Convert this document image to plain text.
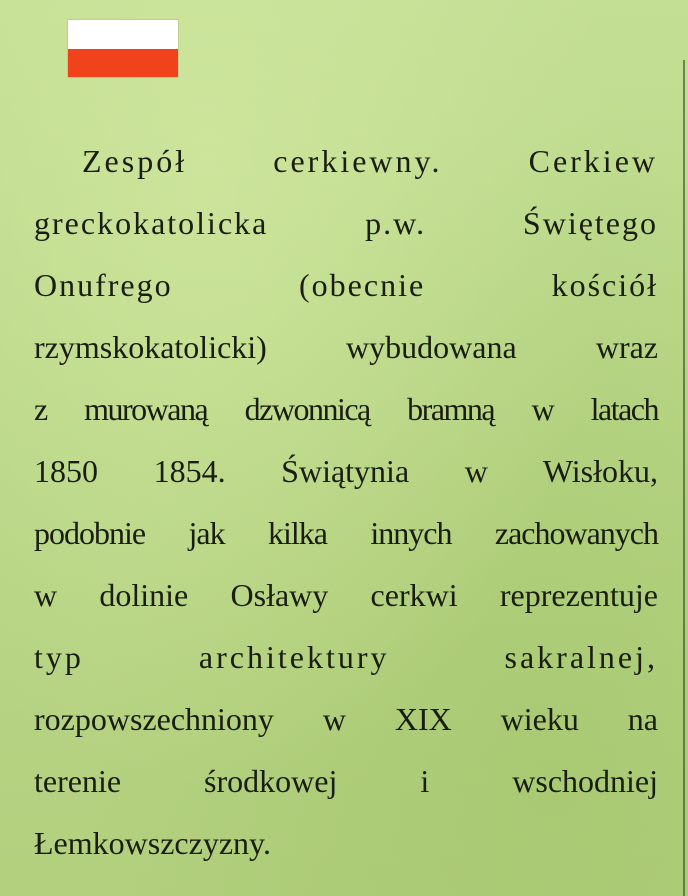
Zespół cerkiewny. Cerkiew
greckokatolicka p.w. Świętego
Onufrego (obecnie kościół
rzymskokatolicki) wybudowana wraz
z murowaną dzwonnicą bramną w latach
1850 1854. Świątynia w Wisłoku,
podobnie jak kilka innych zachowanych
w dolinie Osławy cerkwi reprezentuje
typ architektury sakralnej,
rozpowszechniony w XIX wieku na
terenie środkowej i wschodniej
Łemkowszczyzny.
